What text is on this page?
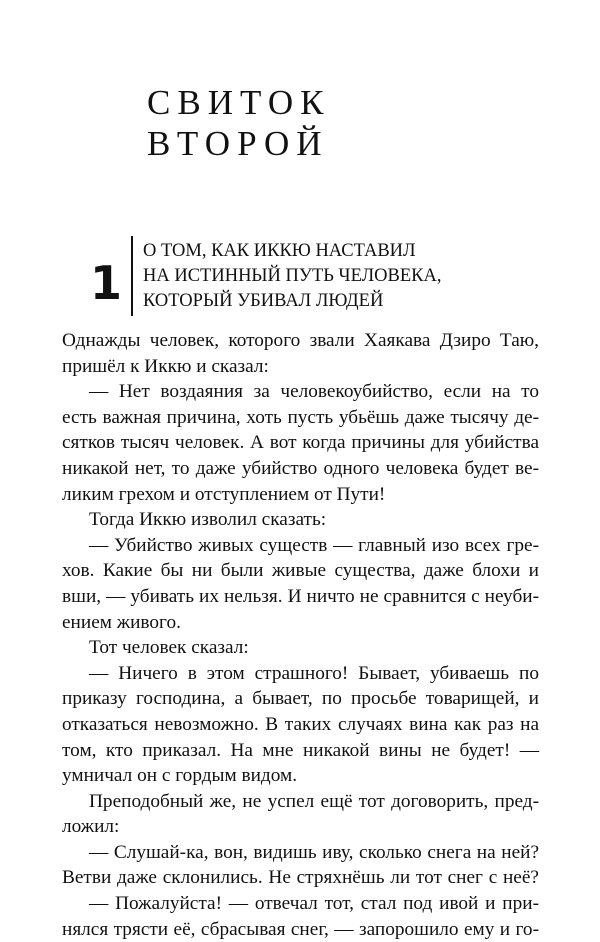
СВИТОК
ВТОРОЙ
1
О ТОМ, КАК ИККЮ НАСТАВИЛ
НА ИСТИННЫЙ ПУТЬ ЧЕЛОВЕКА,
КОТОРЫЙ УБИВАЛ ЛЮДЕЙ
Однажды человек, которого звали Хаякава Дзиро Таю,
пришёл к Иккю и сказал:
— Нет воздаяния за человекоубийство, если на то
есть важная причина, хоть пусть убьёшь даже тысячу де-
сятков тысяч человек. А вот когда причины для убийства
никакой нет, то даже убийство одного человека будет ве-
ликим грехом и отступлением от Пути!
Тогда Иккю изволил сказать:
— Убийство живых существ — главный изо всех гре-
хов. Какие бы ни были живые существа, даже блохи и
вши, — убивать их нельзя. И ничто не сравнится с неуби-
ением живого.
Тот человек сказал:
— Ничего в этом страшного! Бывает, убиваешь по
приказу господина, а бывает, по просьбе товарищей, и
отказаться невозможно. В таких случаях вина как раз на
том, кто приказал. На мне никакой вины не будет! —
умничал он с гордым видом.
Преподобный же, не успел ещё тот договорить, пред-
ложил:
— Слушай-ка, вон, видишь иву, сколько снега на ней?
Ветви даже склонились. Не стряхнёшь ли тот снег с неё?
— Пожалуйста! — отвечал тот, стал под ивой и при-
нялся трясти её, сбрасывая снег, — запорошило ему и го-
